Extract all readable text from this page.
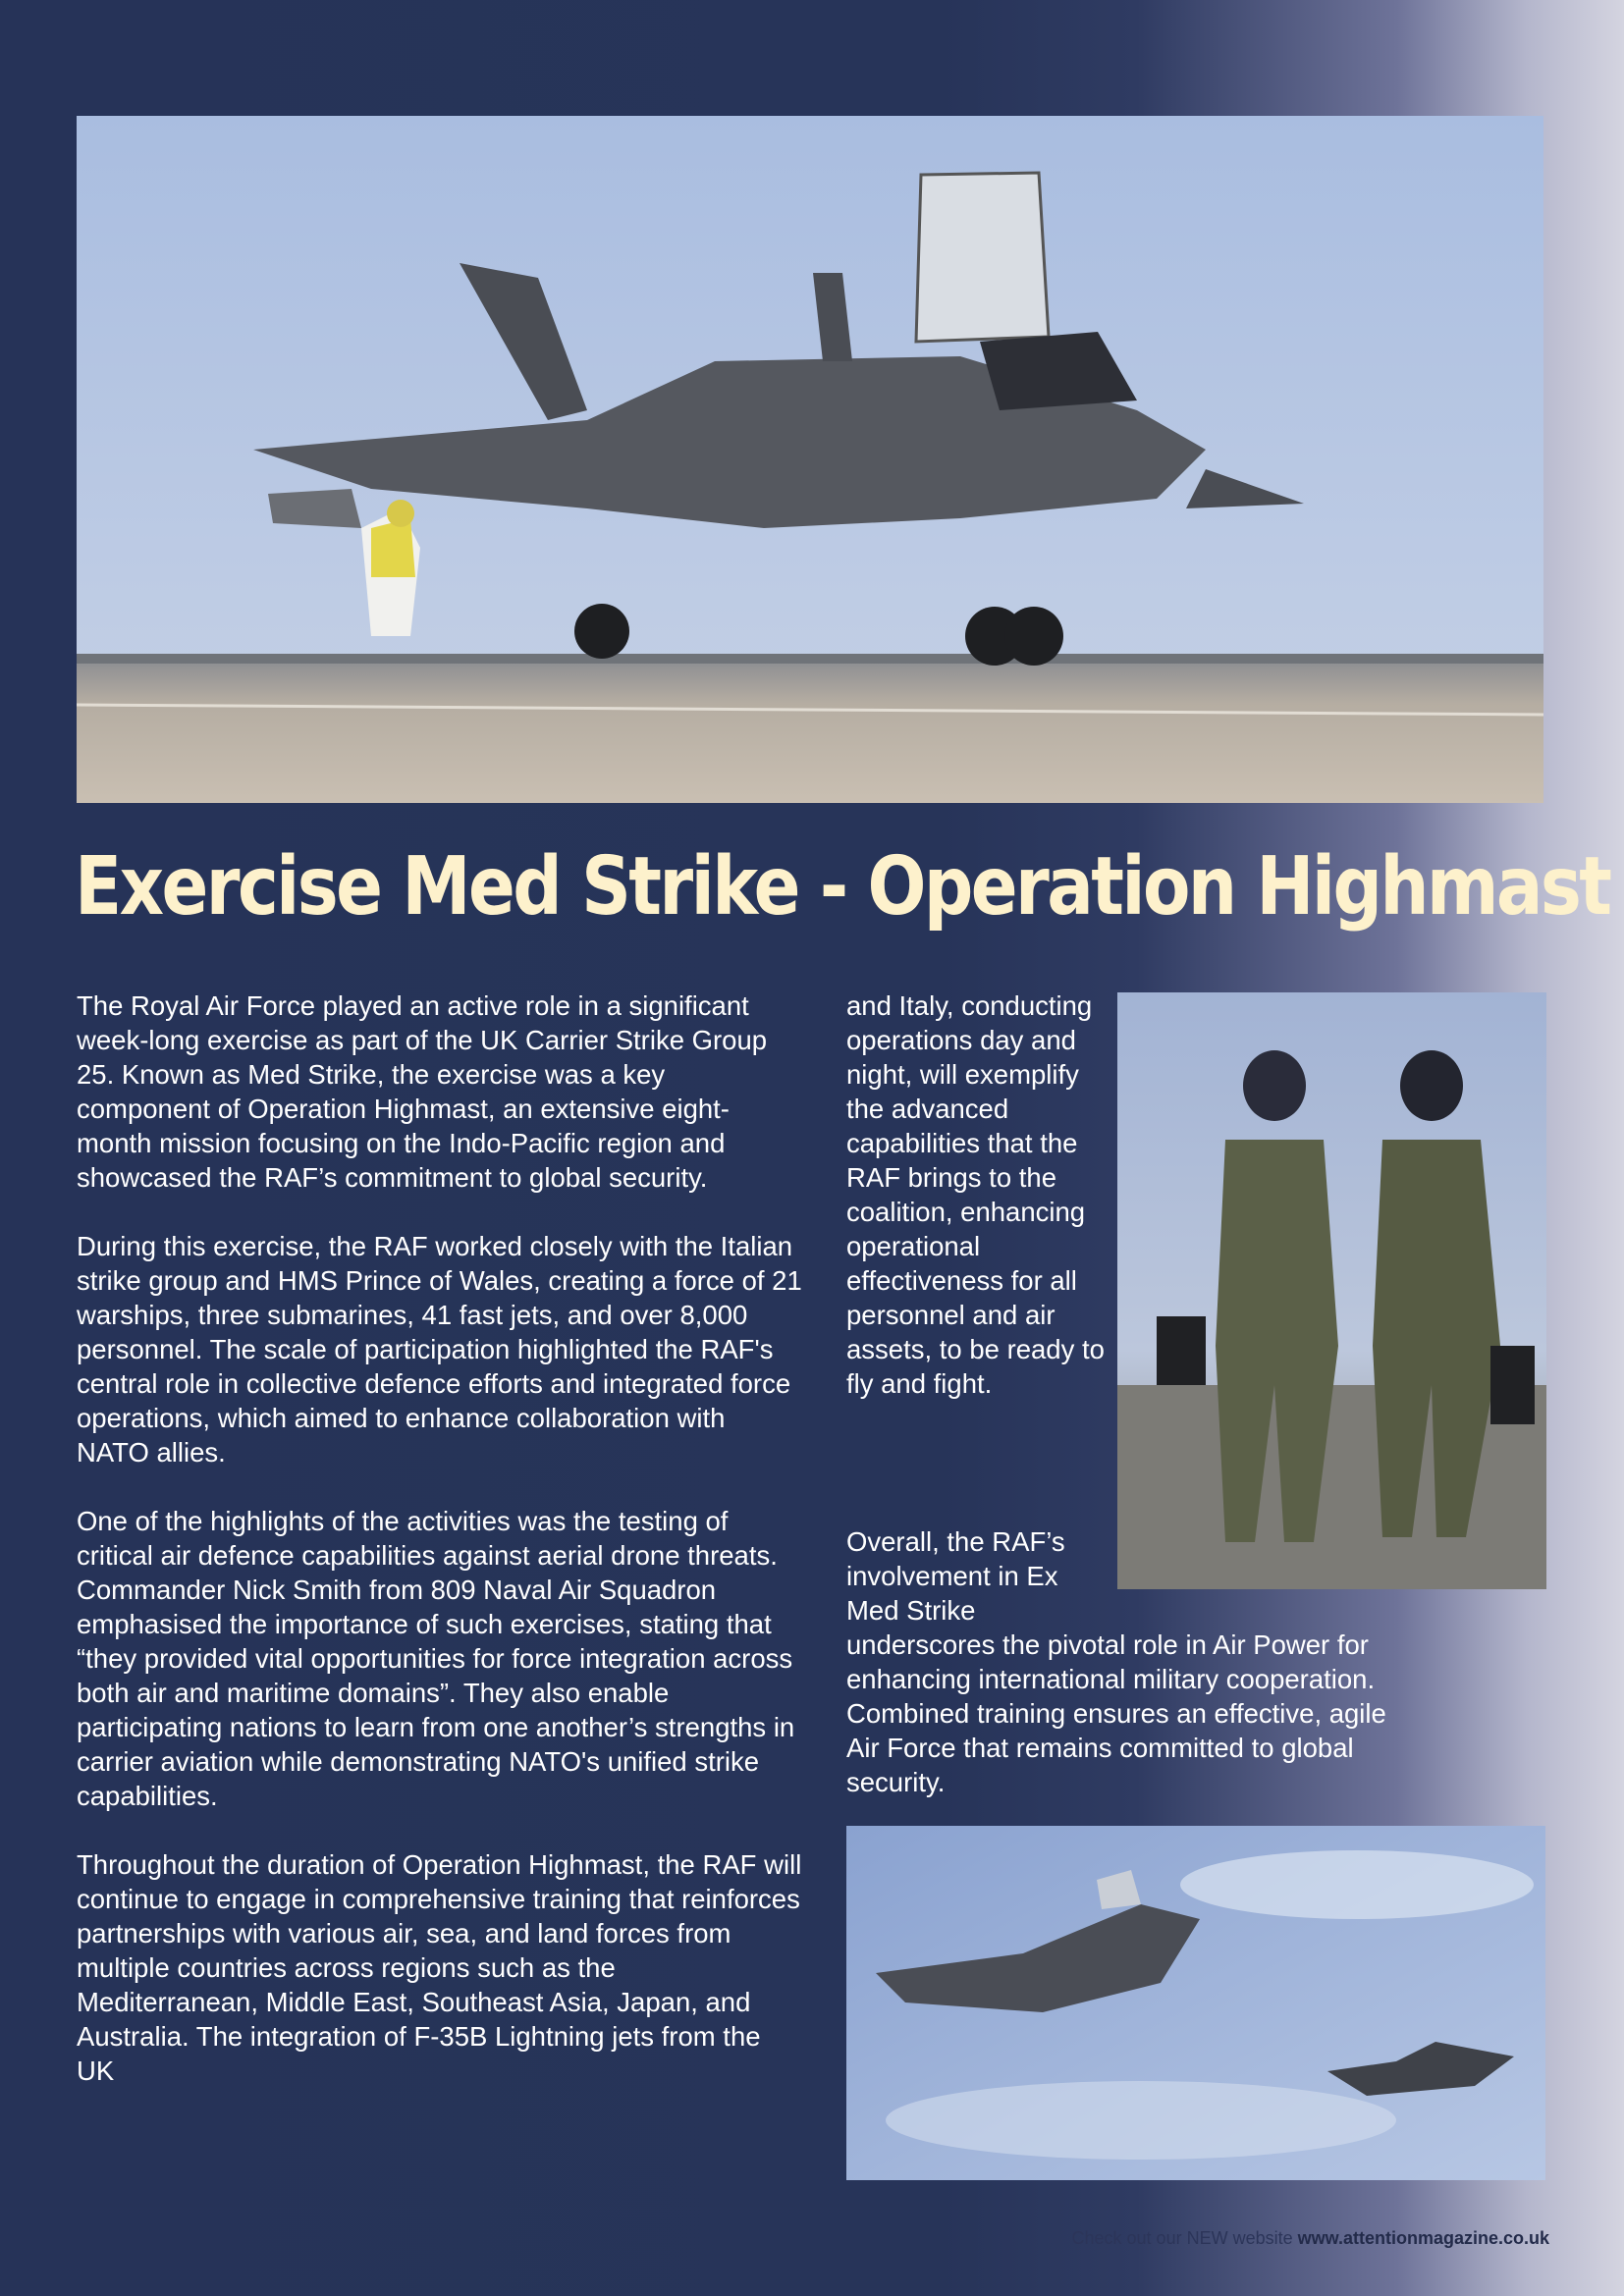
Exercise Med Strike - Operation Highmast

The Royal Air Force played an active role in a significant week-long exercise as part of the UK Carrier Strike Group 25. Known as Med Strike, the exercise was a key component of Operation Highmast, an extensive eight-month mission focusing on the Indo-Pacific region and showcased the RAF’s commitment to global security.

During this exercise, the RAF worked closely with the Italian strike group and HMS Prince of Wales, creating a force of 21 warships, three submarines, 41 fast jets, and over 8,000 personnel. The scale of participation highlighted the RAF's central role in collective defence efforts and integrated force operations, which aimed to enhance collaboration with NATO allies.

One of the highlights of the activities was the testing of critical air defence capabilities against aerial drone threats. Commander Nick Smith from 809 Naval Air Squadron emphasised the importance of such exercises, stating that “they provided vital opportunities for force integration across both air and maritime domains”. They also enable participating nations to learn from one another’s strengths in carrier aviation while demonstrating NATO's unified strike capabilities.

Throughout the duration of Operation Highmast, the RAF will continue to engage in comprehensive training that reinforces partnerships with various air, sea, and land forces from multiple countries across regions such as the Mediterranean, Middle East, Southeast Asia, Japan, and Australia. The integration of F-35B Lightning jets from the UK

and Italy, conducting operations day and night, will exemplify the advanced capabilities that the RAF brings to the coalition, enhancing operational effectiveness for all personnel and air assets, to be ready to fly and fight.

Overall, the RAF’s involvement in Ex Med Strike

underscores the pivotal role in Air Power for enhancing international military cooperation. Combined training ensures an effective, agile Air Force that remains committed to global security.

Check out our NEW website www.attentionmagazine.co.uk
